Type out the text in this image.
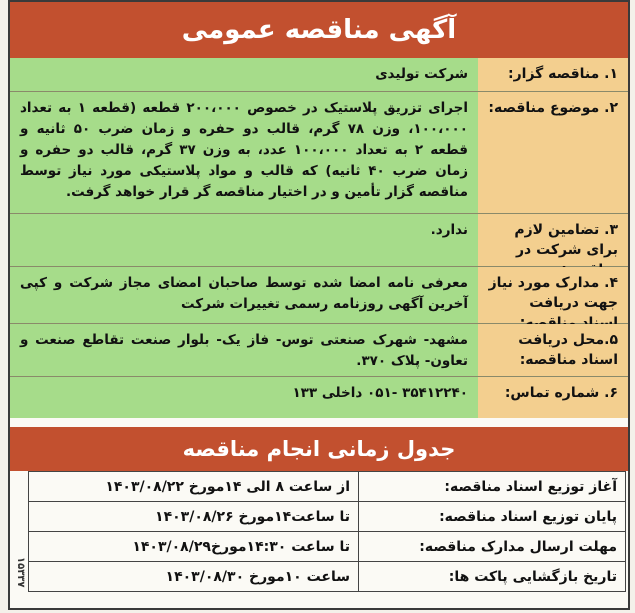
آگهی مناقصه عمومی
۱. مناقصه گزار:
شرکت تولیدی
۲. موضوع مناقصه:
اجرای تزریق پلاستیک در خصوص ۲۰۰،۰۰۰ قطعه (قطعه ۱ به تعداد ۱۰۰،۰۰۰، وزن ۷۸ گرم، قالب دو حفره و زمان ضرب ۵۰ ثانیه و قطعه ۲ به تعداد ۱۰۰،۰۰۰ عدد، به وزن ۳۷ گرم، قالب دو حفره و زمان ضرب ۴۰ ثانیه) که قالب و مواد پلاستیکی مورد نیاز توسط مناقصه گزار تأمین و در اختیار مناقصه گر قرار خواهد گرفت.
۳. تضامین لازم برای شرکت در
ندارد.
۴. مدارک مورد نیاز جهت دریافت
معرفی نامه امضا شده توسط صاحبان امضای مجاز شرکت و کپی آخرین آگهی روزنامه رسمی تغییرات شرکت
۵.محل دریافت اسناد مناقصه:
مشهد- شهرک صنعتی توس- فاز یک- بلوار صنعت تقاطع صنعت و تعاون- پلاک ۳۷۰.
۶. شماره تماس:
۳۵۴۱۲۲۴۰ -۰۵۱ داخلی ۱۳۳
جدول زمانی انجام مناقصه
آغاز توزیع اسناد مناقصه:	از ساعت ۸ الی ۱۴مورخ ۱۴۰۳/۰۸/۲۲
پایان توزیع اسناد مناقصه:	تا ساعت۱۴مورخ ۱۴۰۳/۰۸/۲۶
مهلت ارسال مدارک مناقصه:	تا ساعت ۱۴:۳۰مورخ۱۴۰۳/۰۸/۲۹
تاریخ بازگشایی پاکت ها:	ساعت ۱۰مورخ ۱۴۰۳/۰۸/۳۰
۱۵۳۳۷
